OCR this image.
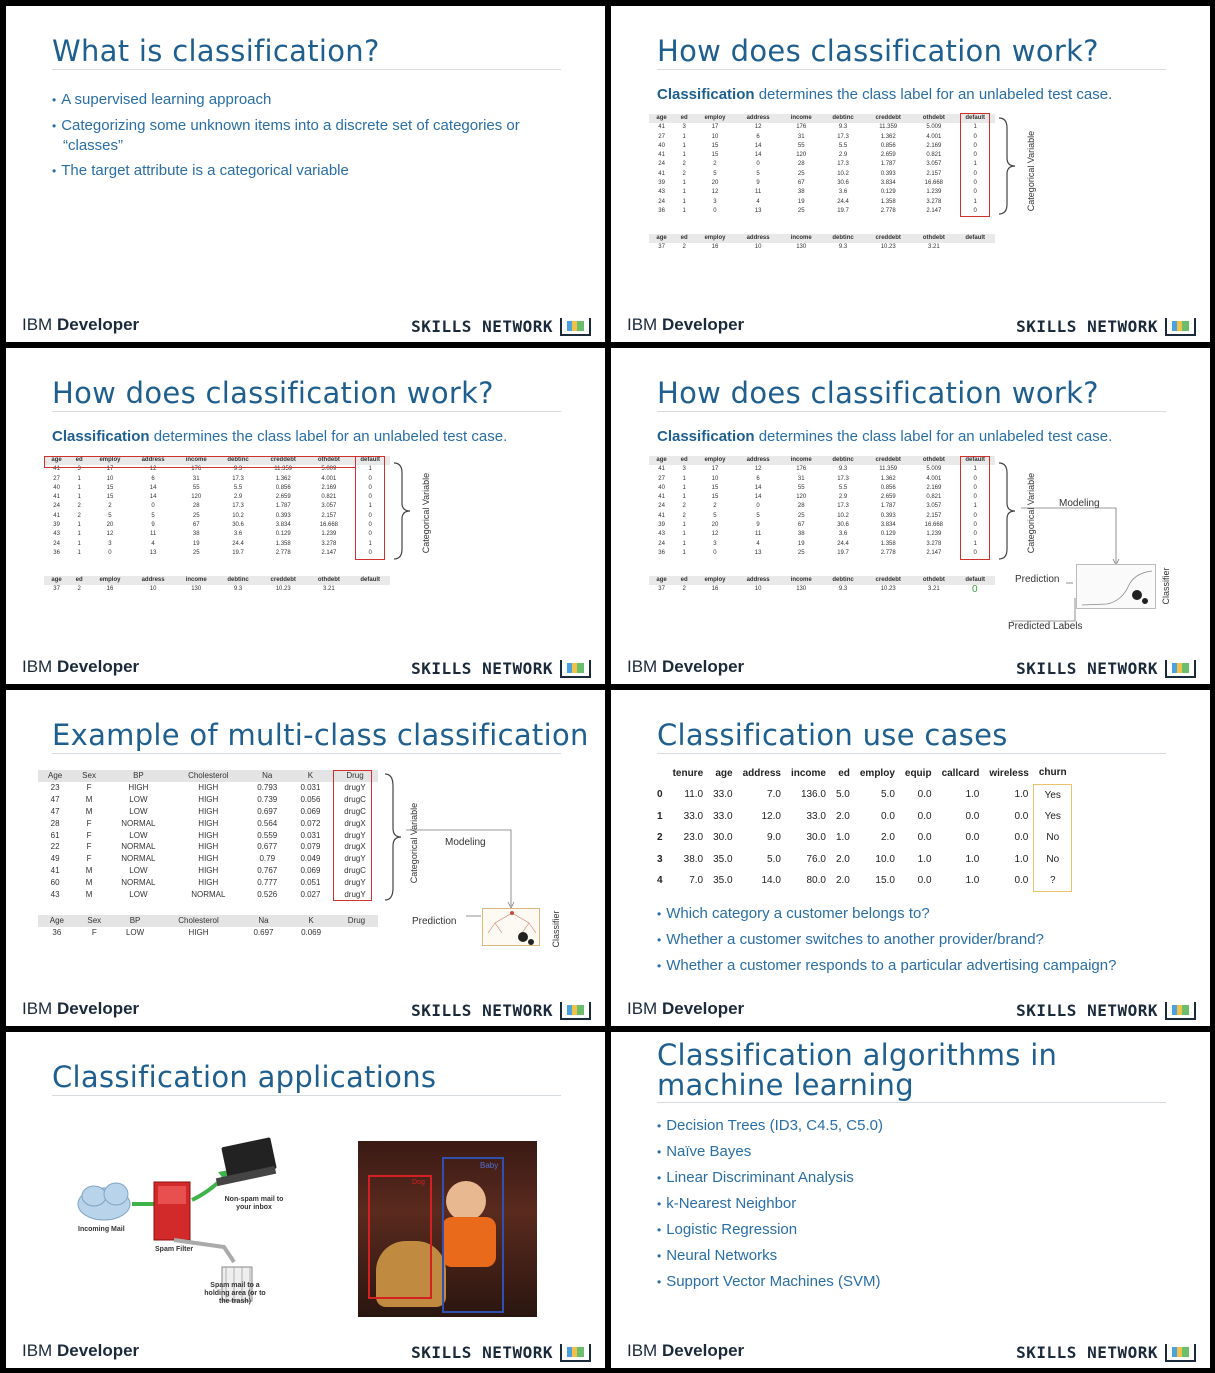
What is classification?
• A supervised learning approach
• Categorizing some unknown items into a discrete set of categories or “classes”
• The target attribute is a categorical variable
IBM Developer	SKILLS NETWORK
How does classification work?
Classification determines the class label for an unlabeled test case.
age	ed	employ	address	income	debtinc	creddebt	othdebt	default
41	3	17	12	176	9.3	11.359	5.009	1
27	1	10	6	31	17.3	1.362	4.001	0
40	1	15	14	55	5.5	0.856	2.169	0
41	1	15	14	120	2.9	2.659	0.821	0
24	2	2	0	28	17.3	1.787	3.057	1
41	2	5	5	25	10.2	0.393	2.157	0
39	1	20	9	67	30.6	3.834	16.668	0
43	1	12	11	38	3.6	0.129	1.239	0
24	1	3	4	19	24.4	1.358	3.278	1
36	1	0	13	25	19.7	2.778	2.147	0
age	ed	employ	address	income	debtinc	creddebt	othdebt	default
37	2	16	10	130	9.3	10.23	3.21	
Categorical Variable
IBM Developer	SKILLS NETWORK
How does classification work?
Classification determines the class label for an unlabeled test case.
age	ed	employ	address	income	debtinc	creddebt	othdebt	default
41	3	17	12	176	9.3	11.359	5.009	1
27	1	10	6	31	17.3	1.362	4.001	0
40	1	15	14	55	5.5	0.856	2.169	0
41	1	15	14	120	2.9	2.659	0.821	0
24	2	2	0	28	17.3	1.787	3.057	1
41	2	5	5	25	10.2	0.393	2.157	0
39	1	20	9	67	30.6	3.834	16.668	0
43	1	12	11	38	3.6	0.129	1.239	0
24	1	3	4	19	24.4	1.358	3.278	1
36	1	0	13	25	19.7	2.778	2.147	0
age	ed	employ	address	income	debtinc	creddebt	othdebt	default
37	2	16	10	130	9.3	10.23	3.21	
Categorical Variable
IBM Developer	SKILLS NETWORK
How does classification work?
Classification determines the class label for an unlabeled test case.
age	ed	employ	address	income	debtinc	creddebt	othdebt	default
41	3	17	12	176	9.3	11.359	5.009	1
27	1	10	6	31	17.3	1.362	4.001	0
40	1	15	14	55	5.5	0.856	2.169	0
41	1	15	14	120	2.9	2.659	0.821	0
24	2	2	0	28	17.3	1.787	3.057	1
41	2	5	5	25	10.2	0.393	2.157	0
39	1	20	9	67	30.6	3.834	16.668	0
43	1	12	11	38	3.6	0.129	1.239	0
24	1	3	4	19	24.4	1.358	3.278	1
36	1	0	13	25	19.7	2.778	2.147	0
age	ed	employ	address	income	debtinc	creddebt	othdebt	default
37	2	16	10	130	9.3	10.23	3.21		0
Categorical Variable Modeling
Prediction	Classifier
Predicted Labels
IBM Developer	SKILLS NETWORK
Example of multi-class classification
Age	Sex	BP	Cholesterol	Na	K	Drug
23	F	HIGH	HIGH	0.793	0.031	drugY
47	M	LOW	HIGH	0.739	0.056	drugC
47	M	LOW	HIGH	0.697	0.069	drugC
28	F	NORMAL	HIGH	0.564	0.072	drugX
61	F	LOW	HIGH	0.559	0.031	drugY
22	F	NORMAL	HIGH	0.677	0.079	drugX
49	F	NORMAL	HIGH	0.79	0.049	drugY
41	M	LOW	HIGH	0.767	0.069	drugC
60	M	NORMAL	HIGH	0.777	0.051	drugY
43	M	LOW	NORMAL	0.526	0.027	drugY
Age	Sex	BP	Cholesterol	Na	K	Drug
36	F	LOW	HIGH	0.697	0.069	
Categorical Variable	Modeling
Prediction	Classifier
IBM Developer	SKILLS NETWORK
Classification use cases
	tenure	age	address	income	ed	employ	equip	callcard	wireless	churn
0	11.0	33.0	7.0	136.0	5.0	5.0	0.0	1.0	1.0	Yes
1	33.0	33.0	12.0	33.0	2.0	0.0	0.0	0.0	0.0	Yes
2	23.0	30.0	9.0	30.0	1.0	2.0	0.0	0.0	0.0	No
3	38.0	35.0	5.0	76.0	2.0	10.0	1.0	1.0	1.0	No
4	7.0	35.0	14.0	80.0	2.0	15.0	0.0	1.0	0.0	?
• Which category a customer belongs to?
• Whether a customer switches to another provider/brand?
• Whether a customer responds to a particular advertising campaign?
IBM Developer	SKILLS NETWORK
Classification applications
Incoming Mail
Spam Filter
Non-spam mail to your inbox
Spam mail to a holding area (or to the trash)
Dog
Baby
IBM Developer	SKILLS NETWORK
Classification algorithms in machine learning
• Decision Trees (ID3, C4.5, C5.0)
• Naïve Bayes
• Linear Discriminant Analysis
• k-Nearest Neighbor
• Logistic Regression
• Neural Networks
• Support Vector Machines (SVM)
IBM Developer	SKILLS NETWORK
